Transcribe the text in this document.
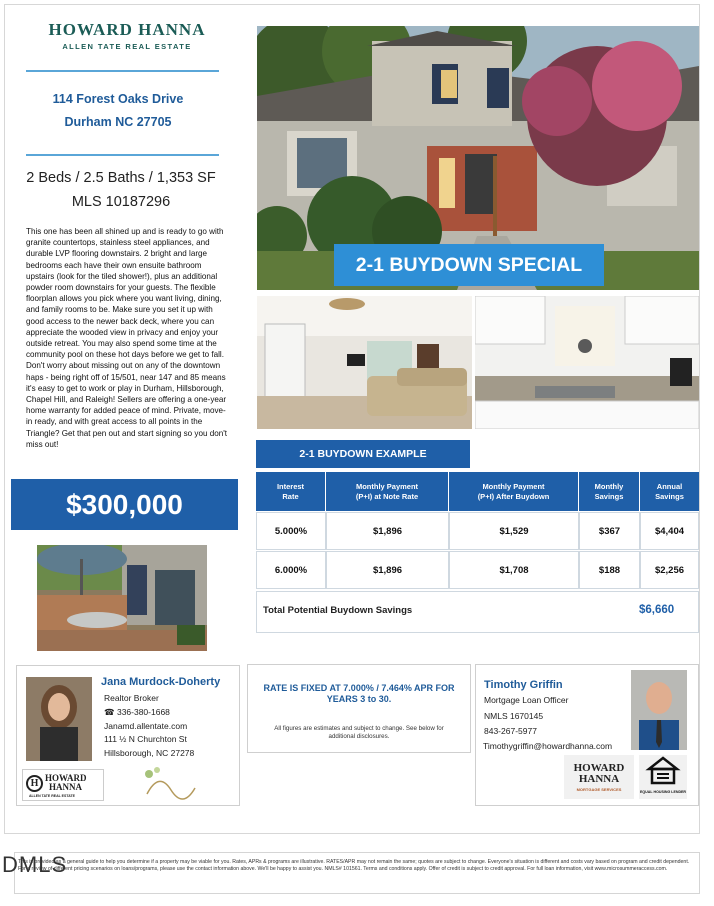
HOWARD HANNA
ALLEN TATE REAL ESTATE
114 Forest Oaks Drive
Durham NC 27705
2 Beds / 2.5 Baths / 1,353 SF
MLS 10187296
This one has been all shined up and is ready to go with granite countertops, stainless steel appliances, and durable LVP flooring downstairs. 2 bright and large bedrooms each have their own ensuite bathroom upstairs (look for the tiled shower!), plus an additional powder room downstairs for your guests. The flexible floorplan allows you pick where you want living, dining, and family rooms to be. Make sure you set it up with good access to the newer back deck, where you can appreciate the wooded view in privacy and enjoy your outside retreat. You may also spend some time at the community pool on these hot days before we get to fall. Don't worry about missing out on any of the downtown haps - being right off of 15/501, near 147 and 85 means it's easy to get to work or play in Durham, Hillsborough, Chapel Hill, and Raleigh! Sellers are offering a one-year home warranty for added peace of mind. Private, move-in ready, and with great access to all points in the Triangle? Get that pen out and start signing so you don't miss out!
$300,000
2-1 BUYDOWN SPECIAL
2-1 BUYDOWN EXAMPLE
Interest
Rate
Monthly Payment
(P+I) at Note Rate
Monthly Payment
(P+I) After Buydown
Monthly
Savings
Annual
Savings
5.000%	$1,896	$1,529	$367	$4,404
6.000%	$1,896	$1,708	$188	$2,256
Total Potential Buydown Savings	$6,660
Jana Murdock-Doherty
Realtor Broker
☎ 336-380-1668
Janamd.allentate.com
111 ½ N Churchton St
Hillsborough, NC 27278
H HOWARD
HANNA
ALLEN TATE REAL ESTATE
RATE IS FIXED AT 7.000% / 7.464% APR FOR YEARS 3 to 30.
All figures are estimates and subject to change. See below for additional disclosures.
Timothy Griffin
Mortgage Loan Officer
NMLS 1670145
843-267-5977
Timothygriffin@howardhanna.com
HOWARD
HANNA
MORTGAGE SERVICES	EQUAL HOUSING LENDER
This is provided as a general guide to help you determine if a property may be viable for you. Rates, APRs & programs are illustrative. RATES/APR may not remain the same; quotes are subject to change. Everyone's situation is different and costs vary based on program and credit dependent. For a review of different pricing scenarios on loans/programs, please use the contact information above. We'll be happy to assist you. NMLS# 101561. Terms and conditions apply. Offer of credit is subject to credit approval. For full loan information, visit www.microsummeraccess.com.
DMLS
